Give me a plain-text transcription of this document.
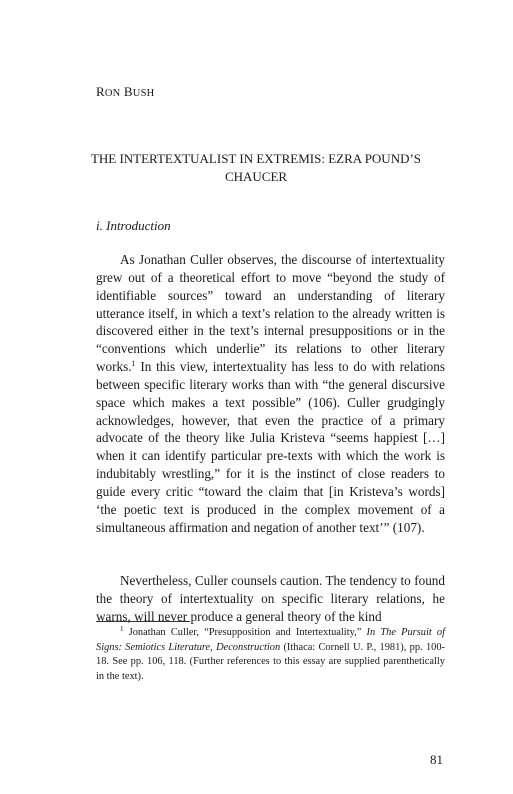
RON BUSH
THE INTERTEXTUALIST IN EXTREMIS: EZRA POUND’S CHAUCER
i. Introduction

As Jonathan Culler observes, the discourse of intertextuality grew out of a theoretical effort to move “beyond the study of identifiable sources” toward an understanding of literary utterance itself, in which a text’s relation to the already written is discovered either in the text’s internal presuppositions or in the “conventions which underlie” its relations to other literary works.$^1$ In this view, intertextuality has less to do with relations between specific literary works than with “the general discursive space which makes a text possible” (106). Culler grudgingly acknowledges, however, that even the practice of a primary advocate of the theory like Julia Kristeva “seems happiest […] when it can identify particular pre-texts with which the work is indubitably wrestling,” for it is the instinct of close readers to guide every critic “toward the claim that [in Kristeva’s words] ‘the poetic text is produced in the complex movement of a simultaneous affirmation and negation of another text’” (107).

Nevertheless, Culler counsels caution. The tendency to found the theory of intertextuality on specific literary relations, he warns, will never produce a general theory of the kind

$^1$ Jonathan Culler, “Presupposition and Intertextuality,” In The Pursuit of Signs: Semiotics Literature, Deconstruction (Ithaca: Cornell U. P., 1981), pp. 100-18. See pp. 106, 118. (Further references to this essay are supplied parenthetically in the text).
81
